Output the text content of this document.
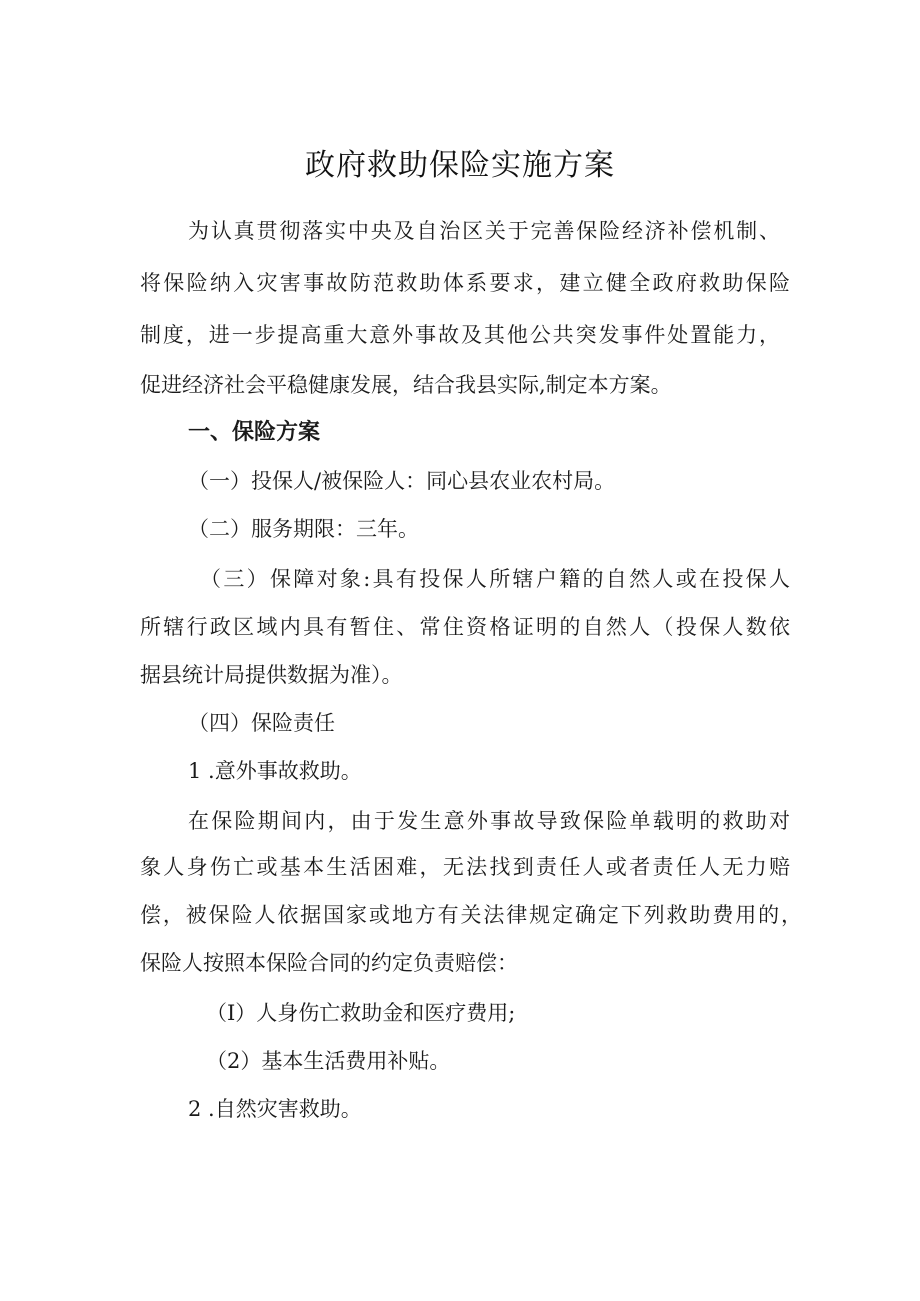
政府救助保险实施方案
为认真贯彻落实中央及自治区关于完善保险经济补偿机制、
将保险纳入灾害事故防范救助体系要求，建立健全政府救助保险
制度，进一步提高重大意外事故及其他公共突发事件处置能力，
促进经济社会平稳健康发展，结合我县实际,制定本方案。
一、保险方案
（一）投保人/被保险人：同心县农业农村局。
（二）服务期限：三年。
（三）保障对象:具有投保人所辖户籍的自然人或在投保人
所辖行政区域内具有暂住、常住资格证明的自然人（投保人数依
据县统计局提供数据为准）。
（四）保险责任
1 .意外事故救助。
在保险期间内，由于发生意外事故导致保险单载明的救助对
象人身伤亡或基本生活困难，无法找到责任人或者责任人无力赔
偿，被保险人依据国家或地方有关法律规定确定下列救助费用的，
保险人按照本保险合同的约定负责赔偿：
（I）人身伤亡救助金和医疗费用;
（2）基本生活费用补贴。
2 .自然灾害救助。
